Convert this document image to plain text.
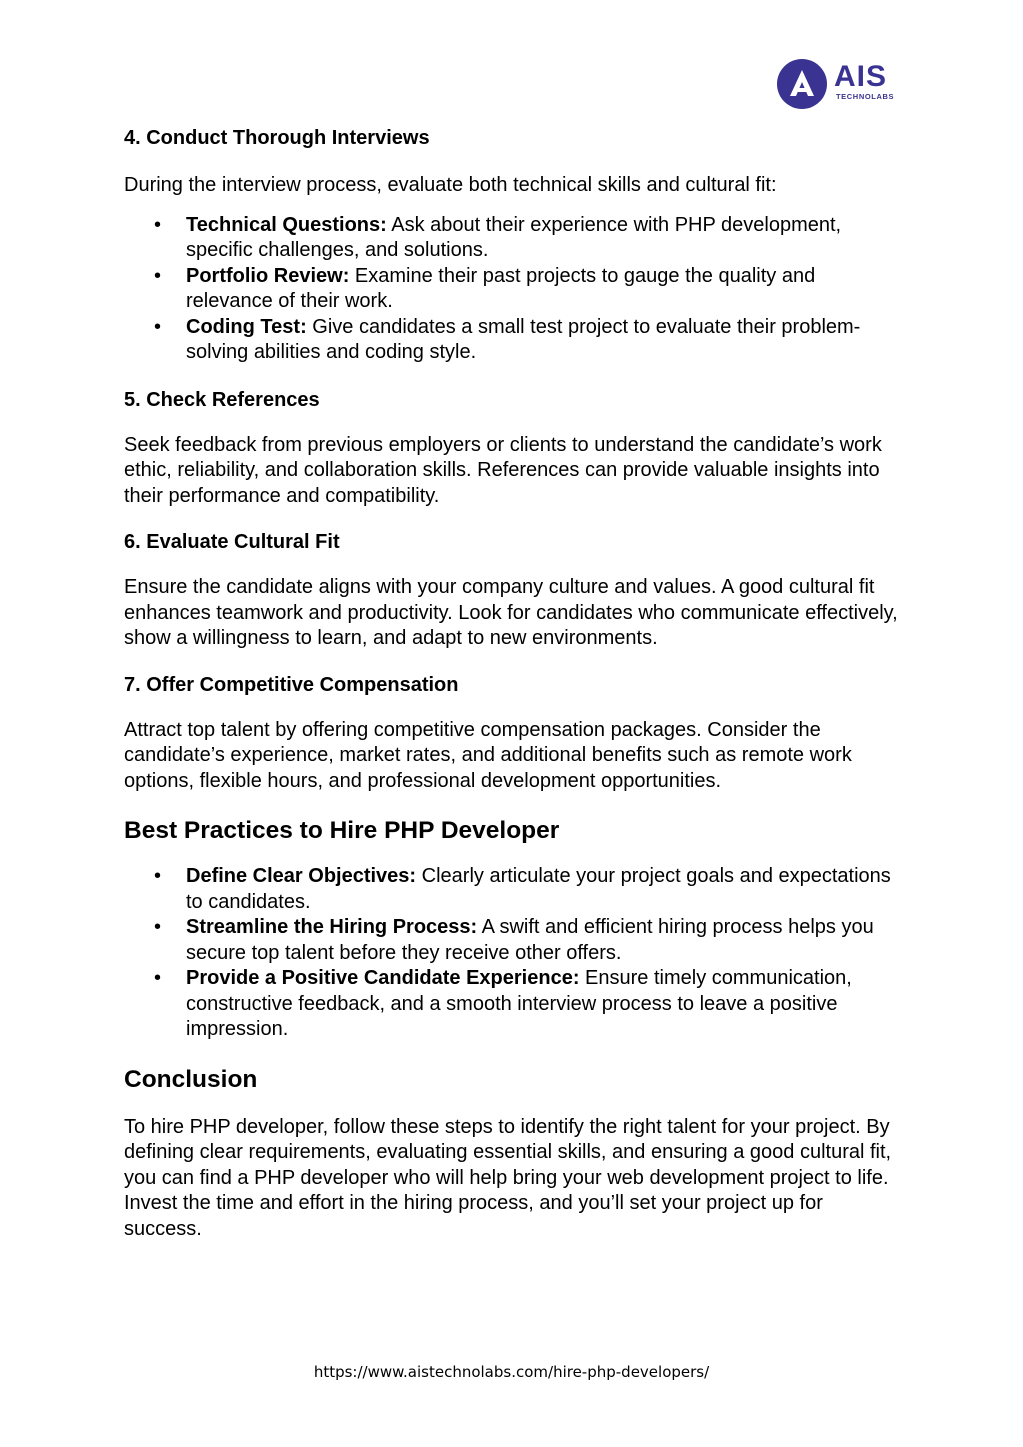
AIS
TECHNOLABS
4. Conduct Thorough Interviews

During the interview process, evaluate both technical skills and cultural fit:

• Technical Questions: Ask about their experience with PHP development, specific challenges, and solutions.
• Portfolio Review: Examine their past projects to gauge the quality and relevance of their work.
• Coding Test: Give candidates a small test project to evaluate their problem-solving abilities and coding style.
5. Check References

Seek feedback from previous employers or clients to understand the candidate’s work ethic, reliability, and collaboration skills. References can provide valuable insights into their performance and compatibility.

6. Evaluate Cultural Fit

Ensure the candidate aligns with your company culture and values. A good cultural fit enhances teamwork and productivity. Look for candidates who communicate effectively, show a willingness to learn, and adapt to new environments.

7. Offer Competitive Compensation

Attract top talent by offering competitive compensation packages. Consider the candidate’s experience, market rates, and additional benefits such as remote work options, flexible hours, and professional development opportunities.

Best Practices to Hire PHP Developer
• Define Clear Objectives: Clearly articulate your project goals and expectations to candidates.
• Streamline the Hiring Process: A swift and efficient hiring process helps you secure top talent before they receive other offers.
• Provide a Positive Candidate Experience: Ensure timely communication, constructive feedback, and a smooth interview process to leave a positive impression.
Conclusion

To hire PHP developer, follow these steps to identify the right talent for your project. By defining clear requirements, evaluating essential skills, and ensuring a good cultural fit, you can find a PHP developer who will help bring your web development project to life. Invest the time and effort in the hiring process, and you’ll set your project up for success.

https://www.aistechnolabs.com/hire-php-developers/
